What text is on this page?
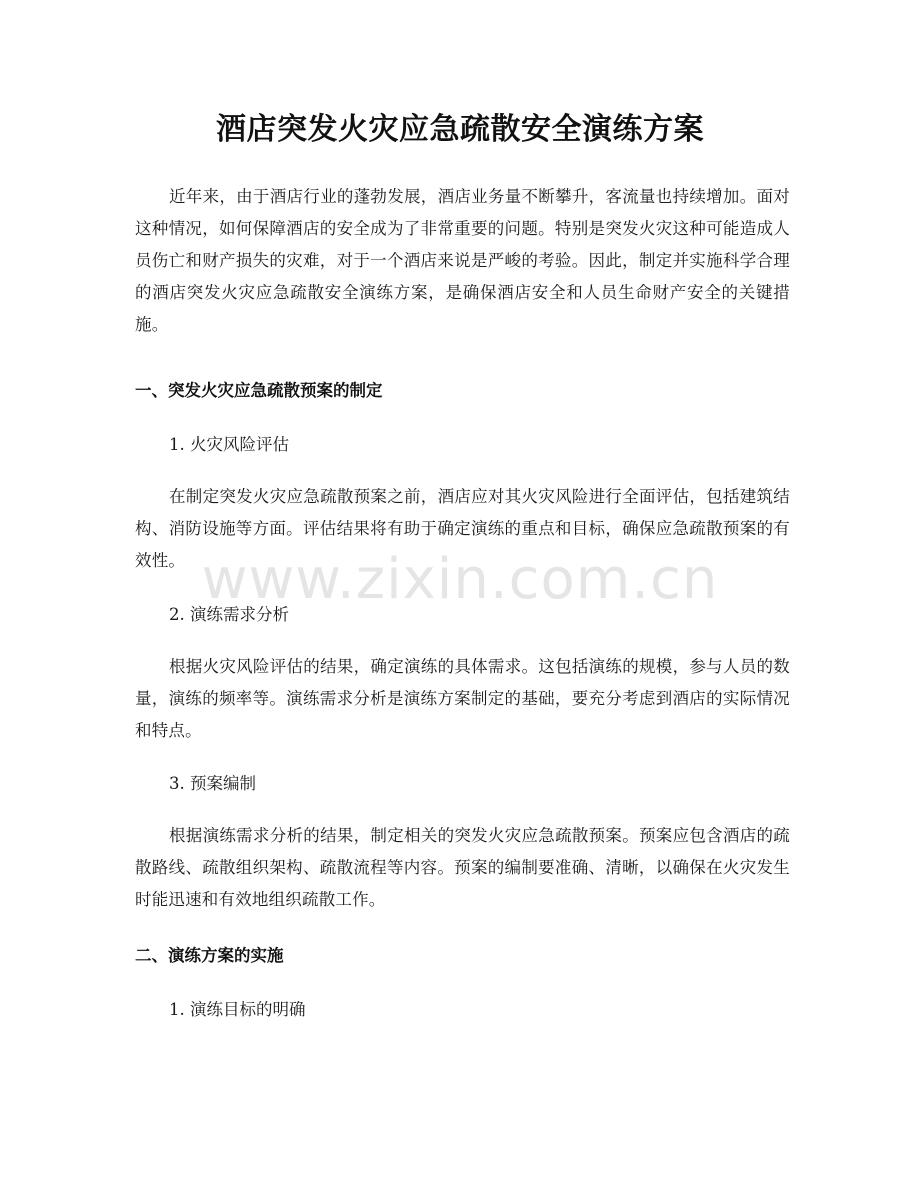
酒店突发火灾应急疏散安全演练方案
近年来，由于酒店行业的蓬勃发展，酒店业务量不断攀升，客流量也持续增加。面对这种情况，如何保障酒店的安全成为了非常重要的问题。特别是突发火灾这种可能造成人员伤亡和财产损失的灾难，对于一个酒店来说是严峻的考验。因此，制定并实施科学合理的酒店突发火灾应急疏散安全演练方案，是确保酒店安全和人员生命财产安全的关键措施。
一、突发火灾应急疏散预案的制定
1. 火灾风险评估
在制定突发火灾应急疏散预案之前，酒店应对其火灾风险进行全面评估，包括建筑结构、消防设施等方面。评估结果将有助于确定演练的重点和目标，确保应急疏散预案的有效性。
2. 演练需求分析
根据火灾风险评估的结果，确定演练的具体需求。这包括演练的规模，参与人员的数量，演练的频率等。演练需求分析是演练方案制定的基础，要充分考虑到酒店的实际情况和特点。
3. 预案编制
根据演练需求分析的结果，制定相关的突发火灾应急疏散预案。预案应包含酒店的疏散路线、疏散组织架构、疏散流程等内容。预案的编制要准确、清晰，以确保在火灾发生时能迅速和有效地组织疏散工作。
二、演练方案的实施
1. 演练目标的明确
www.zixin.com.cn
